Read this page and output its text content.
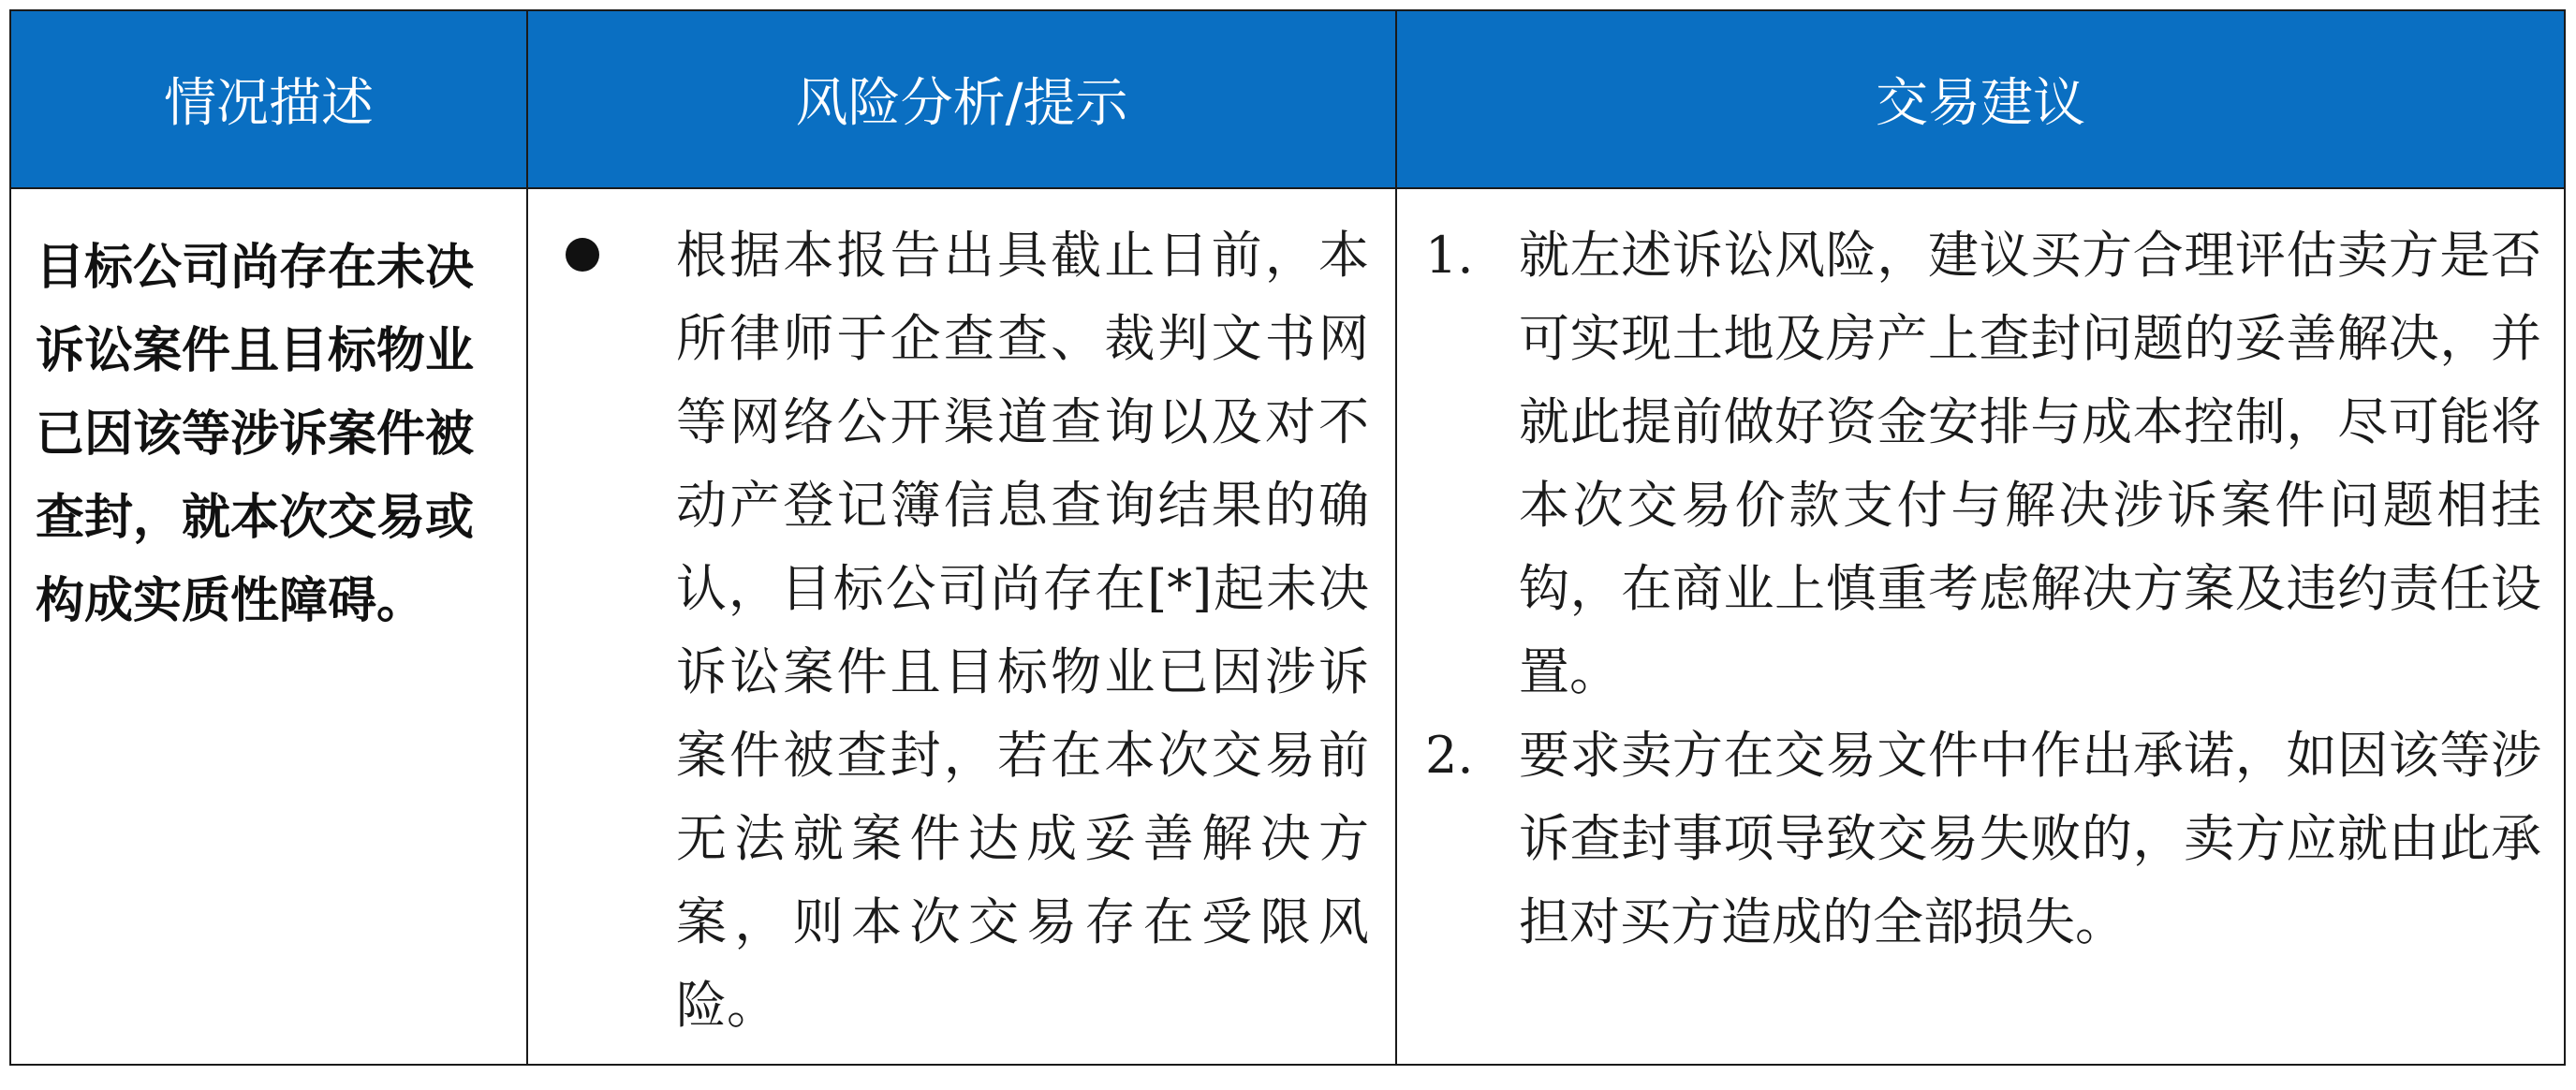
情况描述	风险分析/提示	交易建议
目标公司尚存在未决诉讼案件且目标物业已因该等涉诉案件被查封，就本次交易或构成实质性障碍。
根据本报告出具截止日前，本所律师于企查查、裁判文书网等网络公开渠道查询以及对不动产登记簿信息查询结果的确认，目标公司尚存在[*]起未决诉讼案件且目标物业已因涉诉案件被查封，若在本次交易前无法就案件达成妥善解决方案，则本次交易存在受限风险。
1. 就左述诉讼风险，建议买方合理评估卖方是否可实现土地及房产上查封问题的妥善解决，并就此提前做好资金安排与成本控制，尽可能将本次交易价款支付与解决涉诉案件问题相挂钩，在商业上慎重考虑解决方案及违约责任设置。
2. 要求卖方在交易文件中作出承诺，如因该等涉诉查封事项导致交易失败的，卖方应就由此承担对买方造成的全部损失。
